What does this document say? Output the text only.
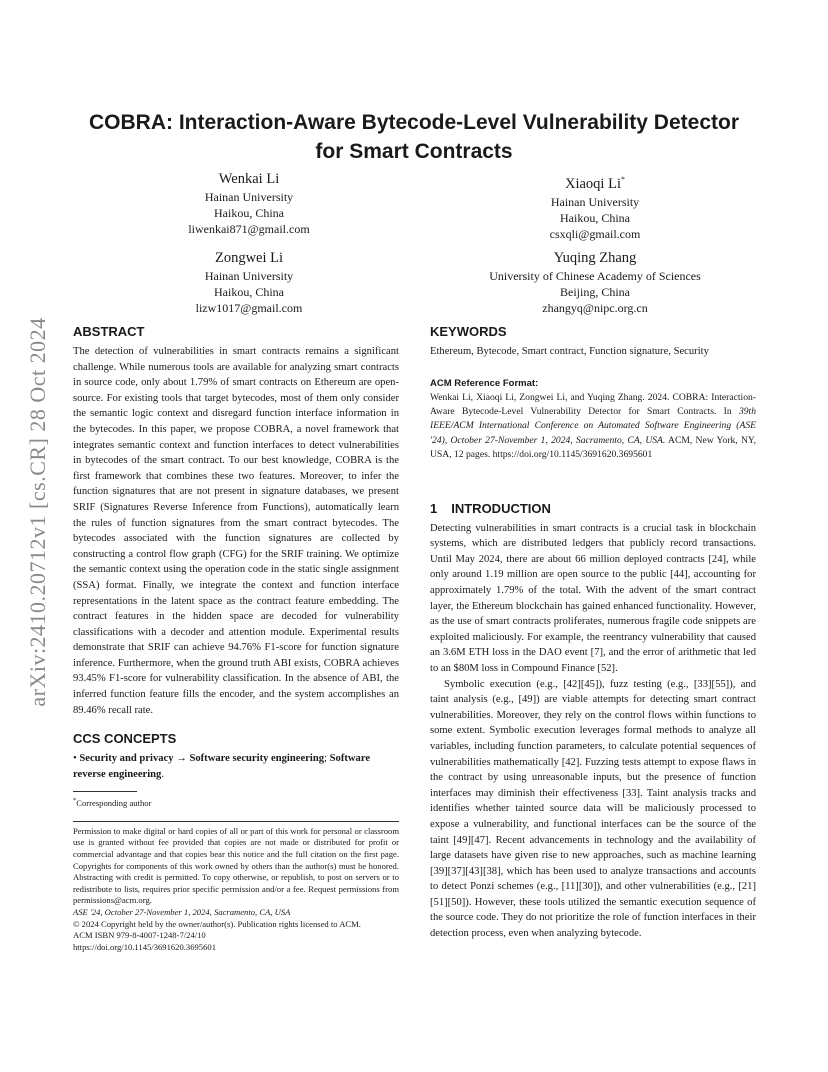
arXiv:2410.20712v1 [cs.CR] 28 Oct 2024
COBRA: Interaction-Aware Bytecode-Level Vulnerability Detector for Smart Contracts
Wenkai Li
Hainan University
Haikou, China
liwenkai871@gmail.com
Xiaoqi Li*
Hainan University
Haikou, China
csxqli@gmail.com
Zongwei Li
Hainan University
Haikou, China
lizw1017@gmail.com
Yuqing Zhang
University of Chinese Academy of Sciences
Beijing, China
zhangyq@nipc.org.cn
ABSTRACT

The detection of vulnerabilities in smart contracts remains a significant challenge. While numerous tools are available for analyzing smart contracts in source code, only about 1.79% of smart contracts on Ethereum are open-source. For existing tools that target bytecodes, most of them only consider the semantic logic context and disregard function interface information in the bytecodes. In this paper, we propose COBRA, a novel framework that integrates semantic context and function interfaces to detect vulnerabilities in bytecodes of the smart contract. To our best knowledge, COBRA is the first framework that combines these two features. Moreover, to infer the function signatures that are not present in signature databases, we present SRIF (Signatures Reverse Inference from Functions), automatically learn the rules of function signatures from the smart contract bytecodes. The bytecodes associated with the function signatures are collected by constructing a control flow graph (CFG) for the SRIF training. We optimize the semantic context using the operation code in the static single assignment (SSA) format. Finally, we integrate the context and function interface representations in the latent space as the contract feature embedding. The contract features in the hidden space are decoded for vulnerability classifications with a decoder and attention module. Experimental results demonstrate that SRIF can achieve 94.76% F1-score for function signature inference. Furthermore, when the ground truth ABI exists, COBRA achieves 93.45% F1-score for vulnerability classification. In the absence of ABI, the inferred function feature fills the encoder, and the system accomplishes an 89.46% recall rate.

CCS CONCEPTS
• Security and privacy → Software security engineering; Software reverse engineering.
*Corresponding author
Permission to make digital or hard copies of all or part of this work for personal or classroom use is granted without fee provided that copies are not made or distributed for profit or commercial advantage and that copies bear this notice and the full citation on the first page. Copyrights for components of this work owned by others than the author(s) must be honored. Abstracting with credit is permitted. To copy otherwise, or republish, to post on servers or to redistribute to lists, requires prior specific permission and/or a fee. Request permissions from permissions@acm.org.
ASE '24, October 27-November 1, 2024, Sacramento, CA, USA
© 2024 Copyright held by the owner/author(s). Publication rights licensed to ACM.
ACM ISBN 979-8-4007-1248-7/24/10
https://doi.org/10.1145/3691620.3695601
KEYWORDS
Ethereum, Bytecode, Smart contract, Function signature, Security
ACM Reference Format:
Wenkai Li, Xiaoqi Li, Zongwei Li, and Yuqing Zhang. 2024. COBRA: Interaction-Aware Bytecode-Level Vulnerability Detector for Smart Contracts. In 39th IEEE/ACM International Conference on Automated Software Engineering (ASE '24), October 27-November 1, 2024, Sacramento, CA, USA. ACM, New York, NY, USA, 12 pages. https://doi.org/10.1145/3691620.3695601
1 INTRODUCTION

Detecting vulnerabilities in smart contracts is a crucial task in blockchain systems, which are distributed ledgers that publicly record transactions. Until May 2024, there are about 66 million deployed contracts [24], while only around 1.19 million are open source to the public [44], accounting for approximately 1.79% of the total. With the advent of the smart contract layer, the Ethereum blockchain has gained enhanced functionality. However, as the use of smart contracts proliferates, numerous fragile code snippets are exploited maliciously. For example, the reentrancy vulnerability that caused an 3.6M ETH loss in the DAO event [7], and the error of arithmetic that led to an $80M loss in Compound Finance [52].

Symbolic execution (e.g., [42][45]), fuzz testing (e.g., [33][55]), and taint analysis (e.g., [49]) are viable attempts for detecting smart contract vulnerabilities. Moreover, they rely on the control flows within functions to some extent. Symbolic execution leverages formal methods to analyze all variables, including function parameters, to calculate potential sequences of vulnerabilities mathematically [42]. Fuzzing tests attempt to expose flaws in the contract by using unreasonable inputs, but the presence of function interfaces may diminish their effectiveness [33]. Taint analysis tracks and identifies whether tainted source data will be maliciously processed to expose a vulnerability, and functional interfaces can be the source of the taint [49][47]. Recent advancements in technology and the availability of large datasets have given rise to new approaches, such as machine learning [39][37][43][38], which has been used to analyze transactions and accounts to detect Ponzi schemes (e.g., [11][30]), and other vulnerabilities (e.g., [21][51][50]). However, these tools utilized the semantic execution sequence of the source code. They do not prioritize the role of function interfaces in their detection process, even when analyzing bytecode.
